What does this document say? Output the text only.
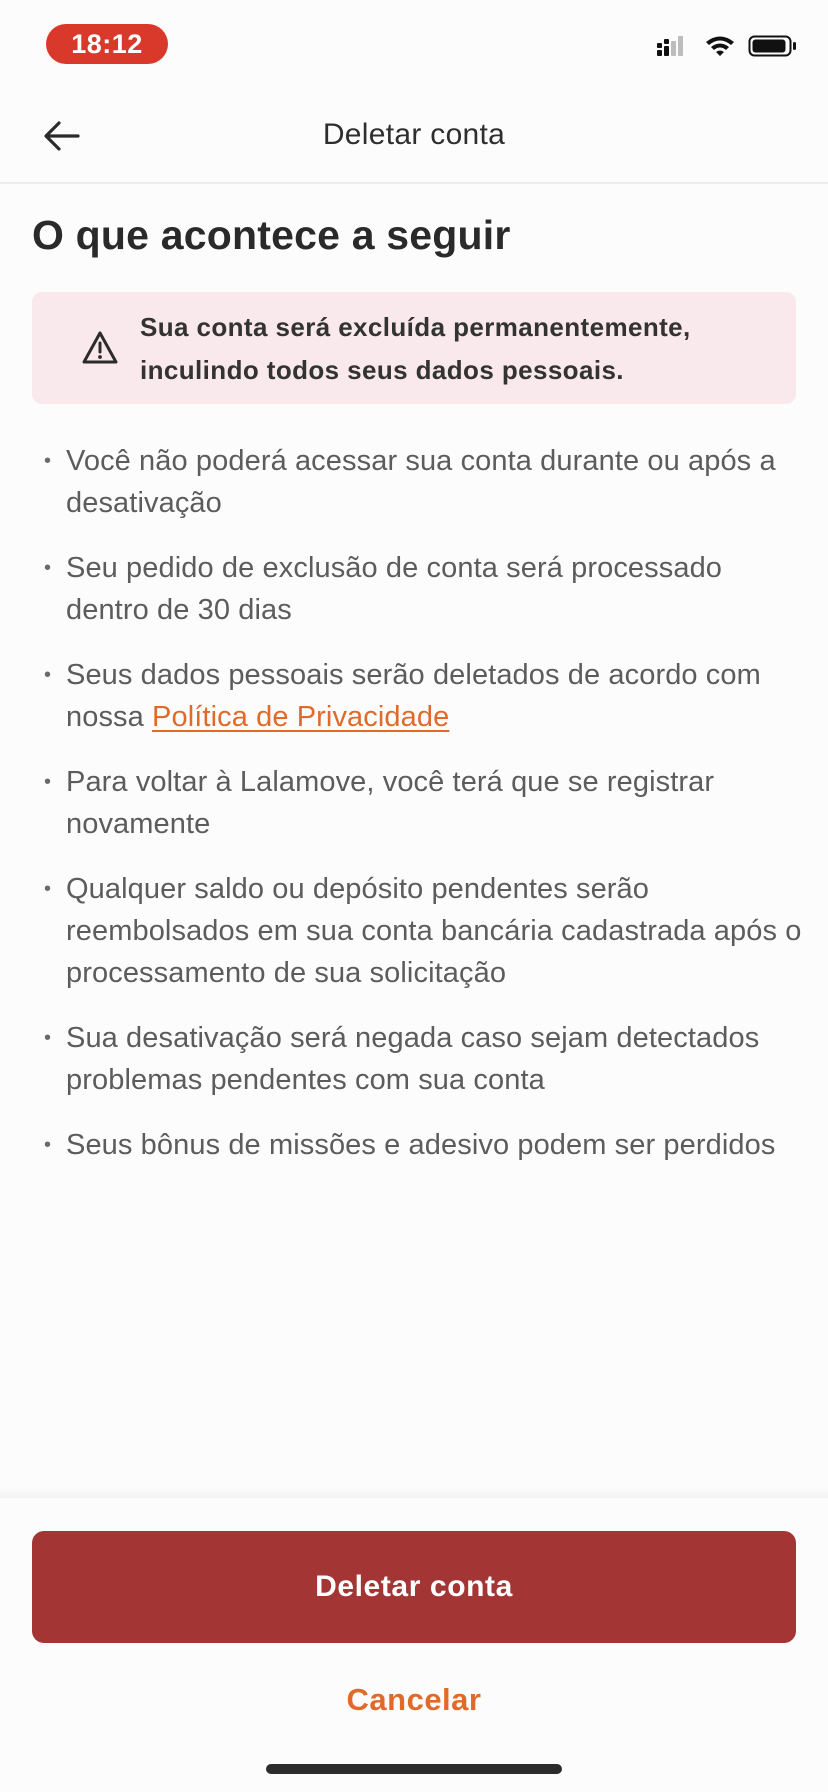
18:12
Deletar conta
O que acontece a seguir
Sua conta será excluída permanentemente, inculindo todos seus dados pessoais.
• Você não poderá acessar sua conta durante ou após a desativação
• Seu pedido de exclusão de conta será processado dentro de 30 dias
• Seus dados pessoais serão deletados de acordo com nossa Política de Privacidade
• Para voltar à Lalamove, você terá que se registrar novamente
• Qualquer saldo ou depósito pendentes serão reembolsados em sua conta bancária cadastrada após o processamento de sua solicitação
• Sua desativação será negada caso sejam detectados problemas pendentes com sua conta
• Seus bônus de missões e adesivo podem ser perdidos
Deletar conta
Cancelar
